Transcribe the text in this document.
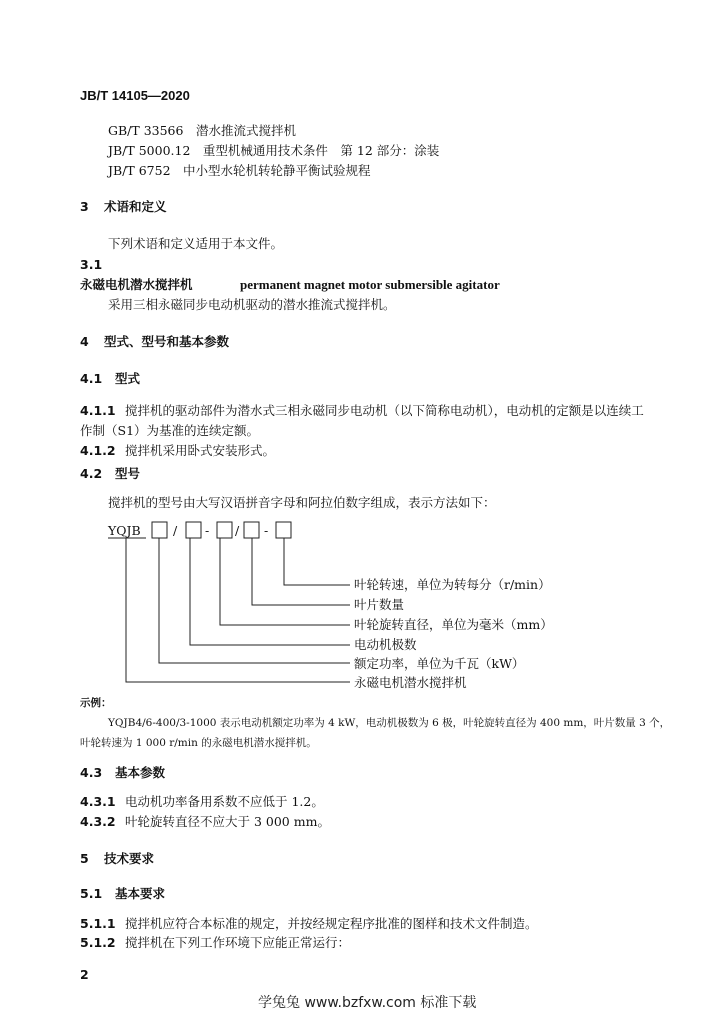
JB/T 14105—2020
GB/T 33566　潜水推流式搅拌机
JB/T 5000.12　重型机械通用技术条件　第 12 部分：涂装
JB/T 6752　中小型水轮机转轮静平衡试验规程
3 术语和定义
下列术语和定义适用于本文件。
3.1
永磁电机潜水搅拌机	permanent magnet motor submersible agitator
采用三相永磁同步电动机驱动的潜水推流式搅拌机。
4 型式、型号和基本参数
4.1 型式
4.1.1 搅拌机的驱动部件为潜水式三相永磁同步电动机（以下简称电动机），电动机的定额是以连续工
作制（S1）为基准的连续定额。
4.1.2 搅拌机采用卧式安装形式。
4.2 型号
搅拌机的型号由大写汉语拼音字母和阿拉伯数字组成，表示方法如下：
YQJB	/ - / -
叶轮转速，单位为转每分（r/min）
叶片数量
叶轮旋转直径，单位为毫米（mm）
电动机极数
额定功率，单位为千瓦（kW）
永磁电机潜水搅拌机
示例：
YQJB4/6-400/3-1000 表示电动机额定功率为 4 kW，电动机极数为 6 极，叶轮旋转直径为 400 mm，叶片数量 3 个，
叶轮转速为 1 000 r/min 的永磁电机潜水搅拌机。
4.3 基本参数
4.3.1 电动机功率备用系数不应低于 1.2。
4.3.2 叶轮旋转直径不应大于 3 000 mm。
5 技术要求
5.1 基本要求
5.1.1 搅拌机应符合本标准的规定，并按经规定程序批准的图样和技术文件制造。
5.1.2 搅拌机在下列工作环境下应能正常运行：
2
学兔兔 www.bzfxw.com 标准下载
